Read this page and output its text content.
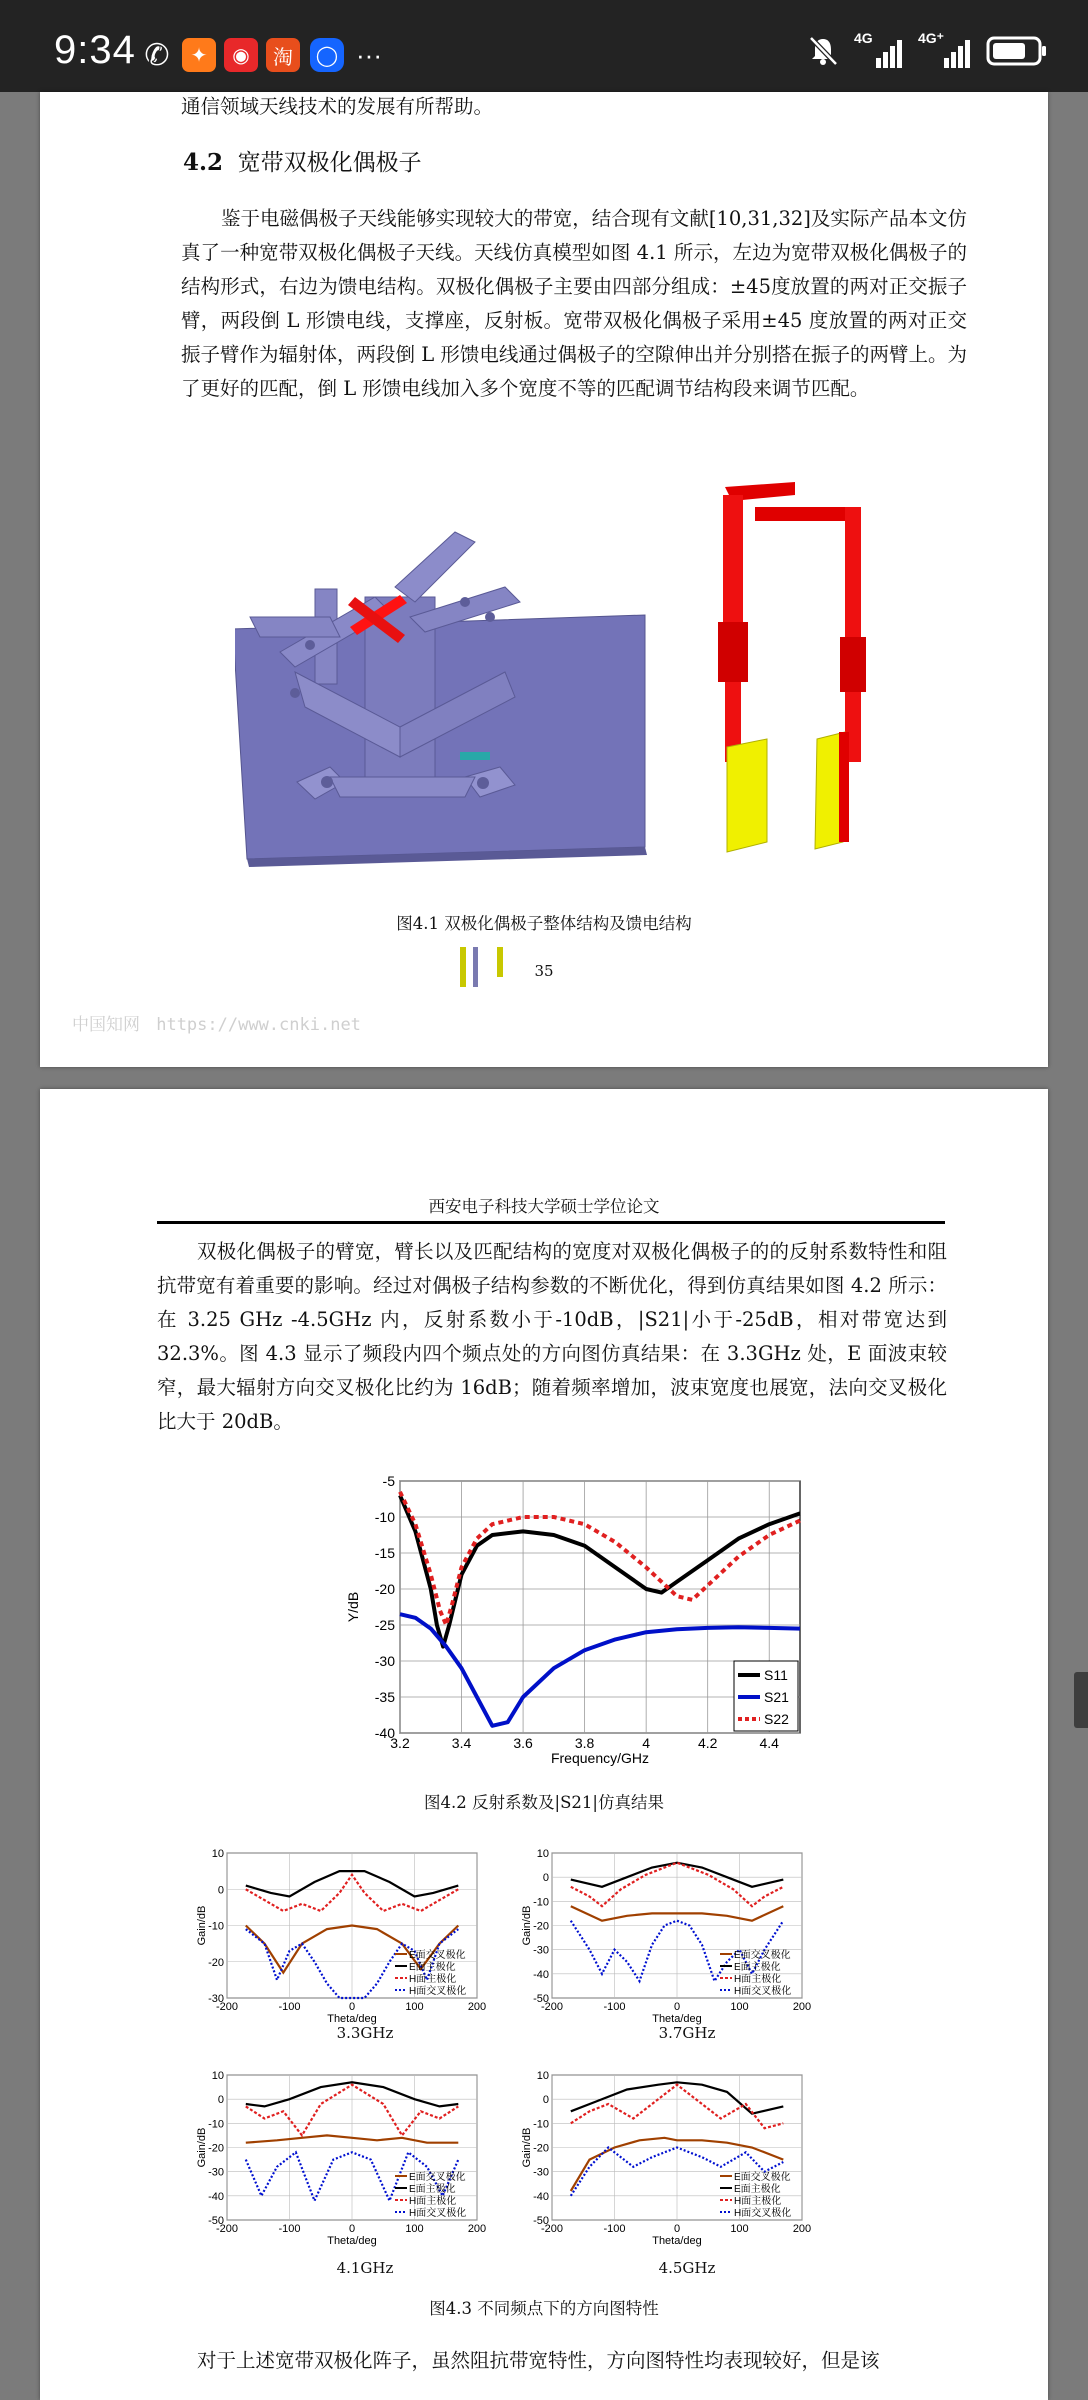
9:34 ✆	✦	◉	淘	◯ ···
4G	4G⁺
通信领域天线技术的发展有所帮助。
4.2 宽带双极化偶极子
鉴于电磁偶极子天线能够实现较大的带宽，结合现有文献[10,31,32]及实际产品本文仿真了一种宽带双极化偶极子天线。天线仿真模型如图 4.1 所示，左边为宽带双极化偶极子的结构形式，右边为馈电结构。双极化偶极子主要由四部分组成：±45度放置的两对正交振子臂，两段倒 L 形馈电线，支撑座，反射板。宽带双极化偶极子采用±45 度放置的两对正交振子臂作为辐射体，两段倒 L 形馈电线通过偶极子的空隙伸出并分别搭在振子的两臂上。为了更好的匹配，倒 L 形馈电线加入多个宽度不等的匹配调节结构段来调节匹配。
图4.1 双极化偶极子整体结构及馈电结构
35
中国知网 https://www.cnki.net
西安电子科技大学硕士学位论文
双极化偶极子的臂宽，臂长以及匹配结构的宽度对双极化偶极子的的反射系数特性和阻抗带宽有着重要的影响。经过对偶极子结构参数的不断优化，得到仿真结果如图 4.2 所示：在 3.25 GHz -4.5GHz 内，反射系数小于-10dB，|S21|小于-25dB，相对带宽达到 32.3%。图 4.3 显示了频段内四个频点处的方向图仿真结果：在 3.3GHz 处，E 面波束较窄，最大辐射方向交叉极化比约为 16dB；随着频率增加，波束宽度也展宽，法向交叉极化比大于 20dB。
3.2	3.4	3.6	3.8	4	4.2	4.4
-5
-10
-15
-20
-25
-30
-35
-40
Frequency/GHz
Y/dB
S11
S21
S22
图4.2 反射系数及|S21|仿真结果
-200	-100	0	100	200
10
0
-10
-20
-30
Theta/deg
Gain/dB
E面交叉极化
E面主极化
H面主极化
H面交叉极化
3.3GHz
-200	-100	0	100	200
10
0
-10
-20
-30
-40
-50
Theta/deg
Gain/dB
E面交叉极化
E面主极化
H面主极化
H面交叉极化
3.7GHz
-200	-100	0	100	200
10
0
-10
-20
-30
-40
-50
Theta/deg
Gain/dB
E面交叉极化
E面主极化
H面主极化
H面交叉极化
4.1GHz
-200	-100	0	100	200
10
0
-10
-20
-30
-40
-50
Theta/deg
Gain/dB
E面交叉极化
E面主极化
H面主极化
H面交叉极化
4.5GHz
图4.3 不同频点下的方向图特性
对于上述宽带双极化阵子，虽然阻抗带宽特性，方向图特性均表现较好，但是该
